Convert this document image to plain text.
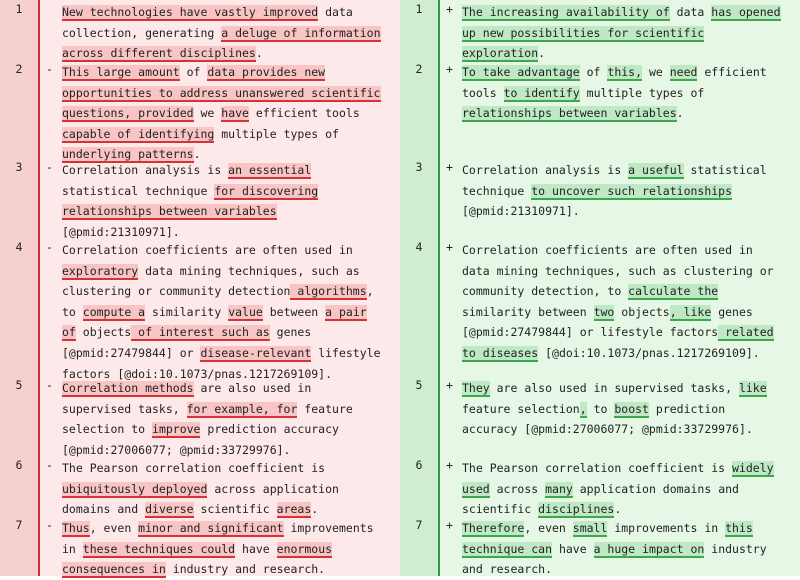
1	New technologies have vastly improved data collection, generating a deluge of information across different disciplines.
2	- This large amount of data provides new opportunities to address unanswered scientific questions, provided we have efficient tools capable of identifying multiple types of underlying patterns.
3	- Correlation analysis is an essential statistical technique for discovering relationships between variables [@pmid:21310971].
4	- Correlation coefficients are often used in exploratory data mining techniques, such as clustering or community detection algorithms, to compute a similarity value between a pair of objects of interest such as genes [@pmid:27479844] or disease-relevant lifestyle factors [@doi:10.1073/pnas.1217269109].
5	- Correlation methods are also used in supervised tasks, for example, for feature selection to improve prediction accuracy [@pmid:27006077; @pmid:33729976].
6	- The Pearson correlation coefficient is ubiquitously deployed across application domains and diverse scientific areas.
7	- Thus, even minor and significant improvements in these techniques could have enormous consequences in industry and research.
1	+ The increasing availability of data has opened up new possibilities for scientific exploration.
2	+ To take advantage of this, we need efficient tools to identify multiple types of relationships between variables.
3	+ Correlation analysis is a useful statistical technique to uncover such relationships [@pmid:21310971].
4	+ Correlation coefficients are often used in data mining techniques, such as clustering or community detection, to calculate the similarity between two objects, like genes [@pmid:27479844] or lifestyle factors related to diseases [@doi:10.1073/pnas.1217269109].
5	+ They are also used in supervised tasks, like feature selection, to boost prediction accuracy [@pmid:27006077; @pmid:33729976].
6	+ The Pearson correlation coefficient is widely used across many application domains and scientific disciplines.
7	+ Therefore, even small improvements in this technique can have a huge impact on industry and research.
